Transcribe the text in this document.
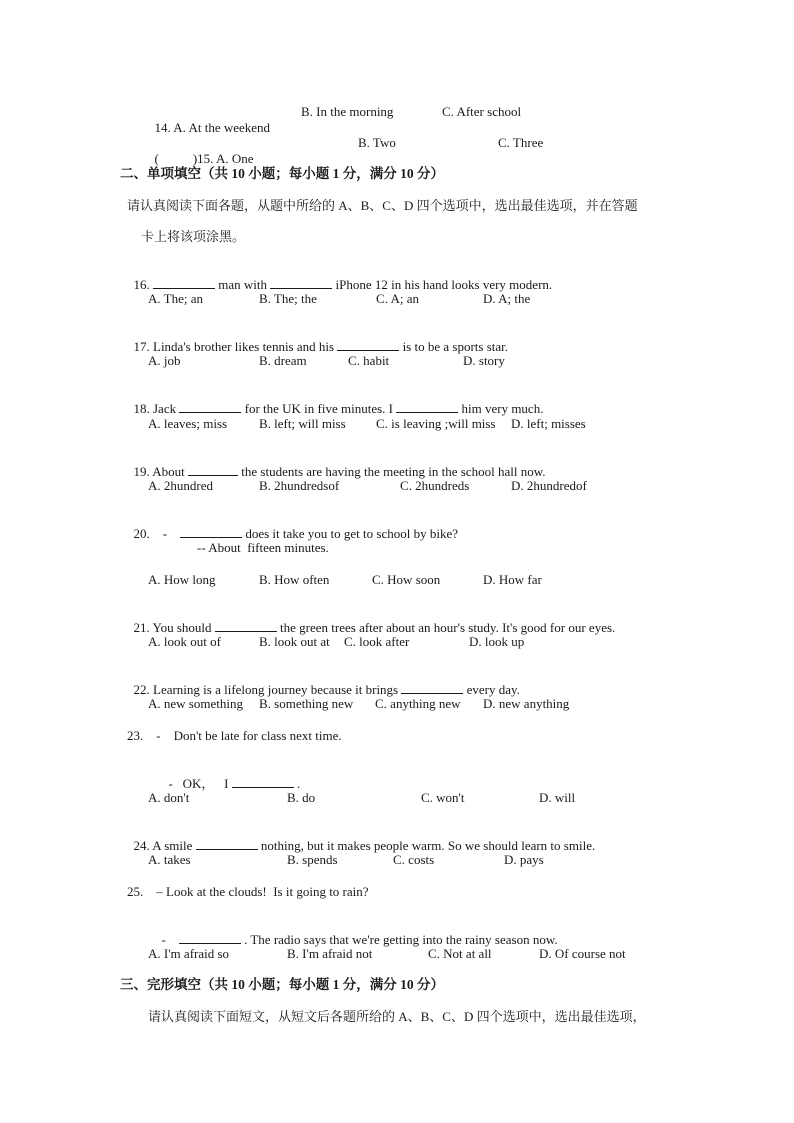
14. A. At the weekend

B. In the morning	C. After school

(	)15. A. One

B. Two	C. Three
二、单项填空（共 10 小题；每小题 1 分，满分 10 分）
请认真阅读下面各题，从题中所给的 A、B、C、D 四个选项中，选出最佳选项，并在答题
卡上将该项涂黑。

16.	man with	iPhone 12 in his hand looks very modern.

A. The; an	B. The; the	C. A; an	D. A; the

17. Linda's brother likes tennis and his	is to be a sports star.

A. job	B. dream	C. habit	D. story

18. Jack	for the UK in five minutes. I	him very much.

A. leaves; miss B. left; will miss C. is leaving ;will miss D. left; misses

19. About	the students are having the meeting in the school hall now.

A. 2hundred	B. 2hundredsof	C. 2hundreds	D. 2hundredof

20.    -	does it take you to get to school by bike?

-- About  fifteen minutes.
A. How long	B. How often	C. How soon	D. How far

21. You should	the green trees after about an hour's study. It's good for our eyes.

A. look out of	B. look out at C. look after	D. look up

22. Learning is a lifelong journey because it brings	every day.

A. new something B. something new C. anything new D. new anything
23.    -    Don't be late for class next time.

-   OK，   I	.

A. don't	B. do	C. won't	D. will

24. A smile	nothing, but it makes people warm. So we should learn to smile.

A. takes	B. spends	C. costs	D. pays
25.    – Look at the clouds!  Is it going to rain?

-	. The radio says that we're getting into the rainy season now.

A. I'm afraid so	B. I'm afraid not	C. Not at all	D. Of course not
三、完形填空（共 10 小题；每小题 1 分，满分 10 分）
请认真阅读下面短文，从短文后各题所给的 A、B、C、D 四个选项中，选出最佳选项，
